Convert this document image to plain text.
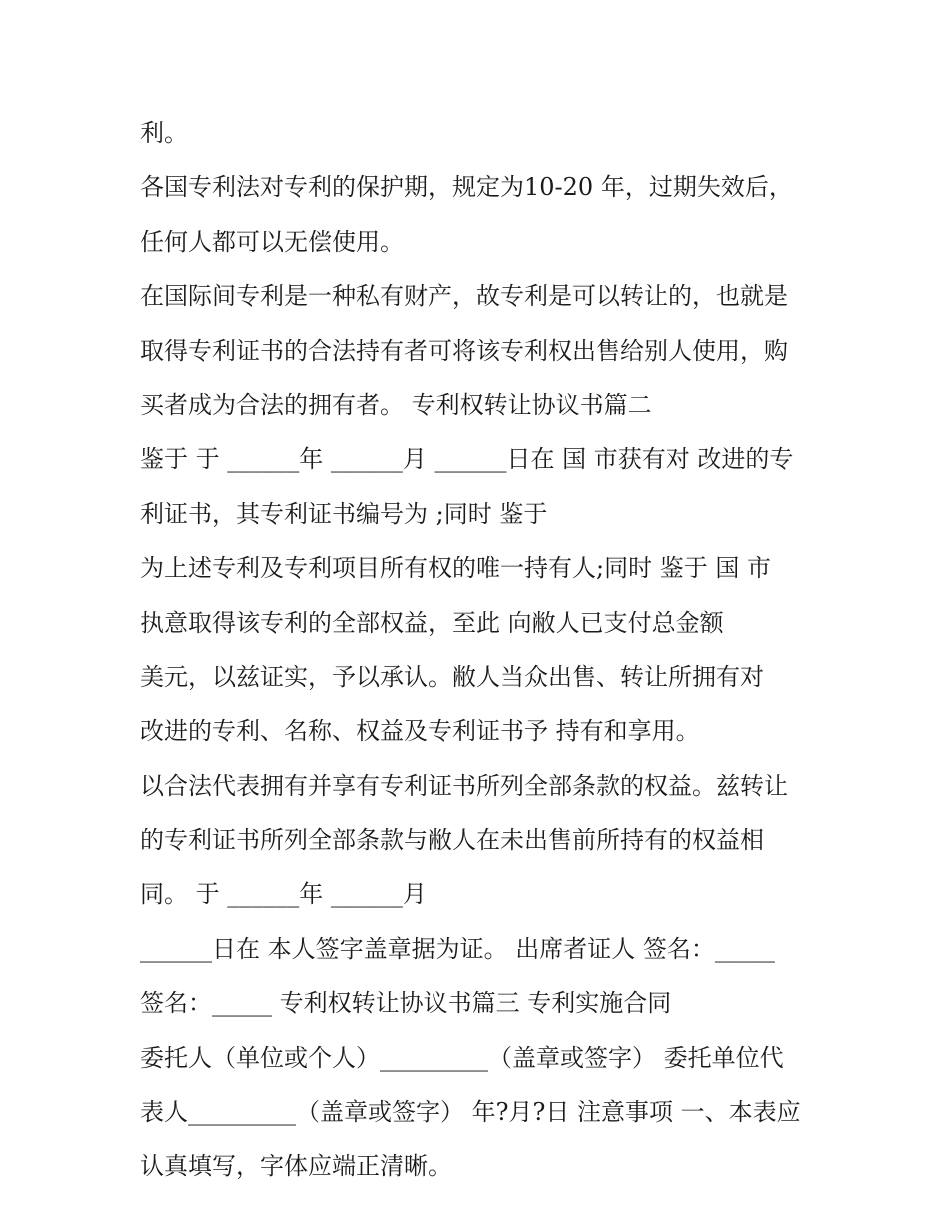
利。
各国专利法对专利的保护期，规定为10-20 年，过期失效后，
任何人都可以无偿使用。
在国际间专利是一种私有财产，故专利是可以转让的，也就是
取得专利证书的合法持有者可将该专利权出售给别人使用，购
买者成为合法的拥有者。 专利权转让协议书篇二
鉴于 于 ______年 ______月 ______日在 国 市获有对 改进的专
利证书，其专利证书编号为 ;同时 鉴于
为上述专利及专利项目所有权的唯一持有人;同时 鉴于 国 市
执意取得该专利的全部权益，至此 向敝人已支付总金额
美元，以兹证实，予以承认。敝人当众出售、转让所拥有对
改进的专利、名称、权益及专利证书予 持有和享用。
以合法代表拥有并享有专利证书所列全部条款的权益。兹转让
的专利证书所列全部条款与敝人在未出售前所持有的权益相
同。 于 ______年 ______月
______日在 本人签字盖章据为证。 出席者证人 签名：_____
签名：_____ 专利权转让协议书篇三 专利实施合同
委托人（单位或个人）_________（盖章或签字） 委托单位代
表人_________（盖章或签字） 年?月?日 注意事项 一、本表应
认真填写，字体应端正清晰。
